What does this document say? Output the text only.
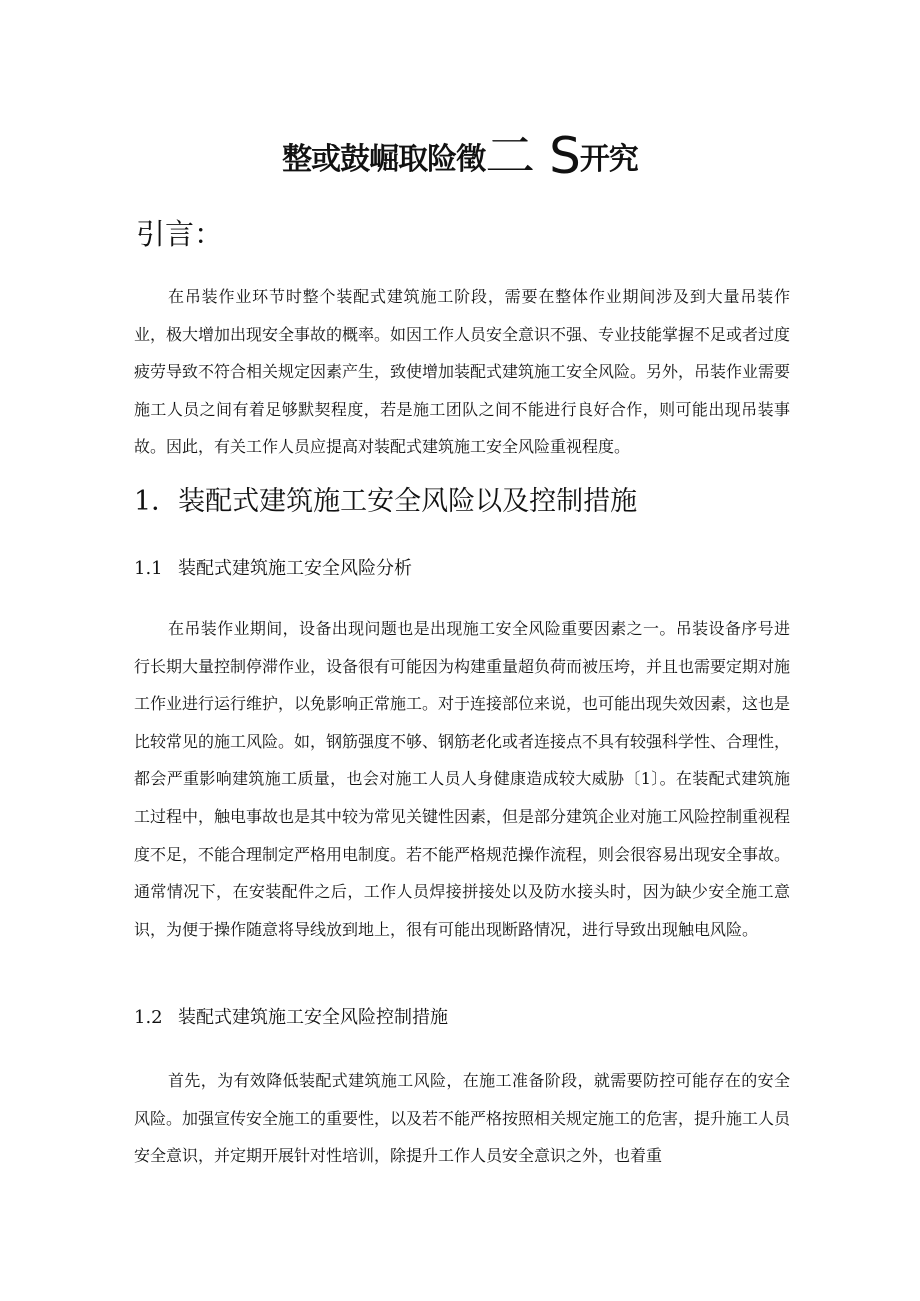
整或鼓崛取险徵二 S开究
引言：

在吊装作业环节时整个装配式建筑施工阶段，需要在整体作业期间涉及到大量吊装作业，极大增加出现安全事故的概率。如因工作人员安全意识不强、专业技能掌握不足或者过度疲劳导致不符合相关规定因素产生，致使增加装配式建筑施工安全风险。另外，吊装作业需要施工人员之间有着足够默契程度，若是施工团队之间不能进行良好合作，则可能出现吊装事故。因此，有关工作人员应提高对装配式建筑施工安全风险重视程度。

1．装配式建筑施工安全风险以及控制措施
1.1 装配式建筑施工安全风险分析

在吊装作业期间，设备出现问题也是出现施工安全风险重要因素之一。吊装设备序号进行长期大量控制停滞作业，设备很有可能因为构建重量超负荷而被压垮，并且也需要定期对施工作业进行运行维护，以免影响正常施工。对于连接部位来说，也可能出现失效因素，这也是比较常见的施工风险。如，钢筋强度不够、钢筋老化或者连接点不具有较强科学性、合理性，都会严重影响建筑施工质量，也会对施工人员人身健康造成较大威胁〔1〕。在装配式建筑施工过程中，触电事故也是其中较为常见关键性因素，但是部分建筑企业对施工风险控制重视程度不足，不能合理制定严格用电制度。若不能严格规范操作流程，则会很容易出现安全事故。通常情况下，在安装配件之后，工作人员焊接拼接处以及防水接头时，因为缺少安全施工意识，为便于操作随意将导线放到地上，很有可能出现断路情况，进行导致出现触电风险。

1.2 装配式建筑施工安全风险控制措施

首先，为有效降低装配式建筑施工风险，在施工准备阶段，就需要防控可能存在的安全风险。加强宣传安全施工的重要性，以及若不能严格按照相关规定施工的危害，提升施工人员安全意识，并定期开展针对性培训，除提升工作人员安全意识之外，也着重
